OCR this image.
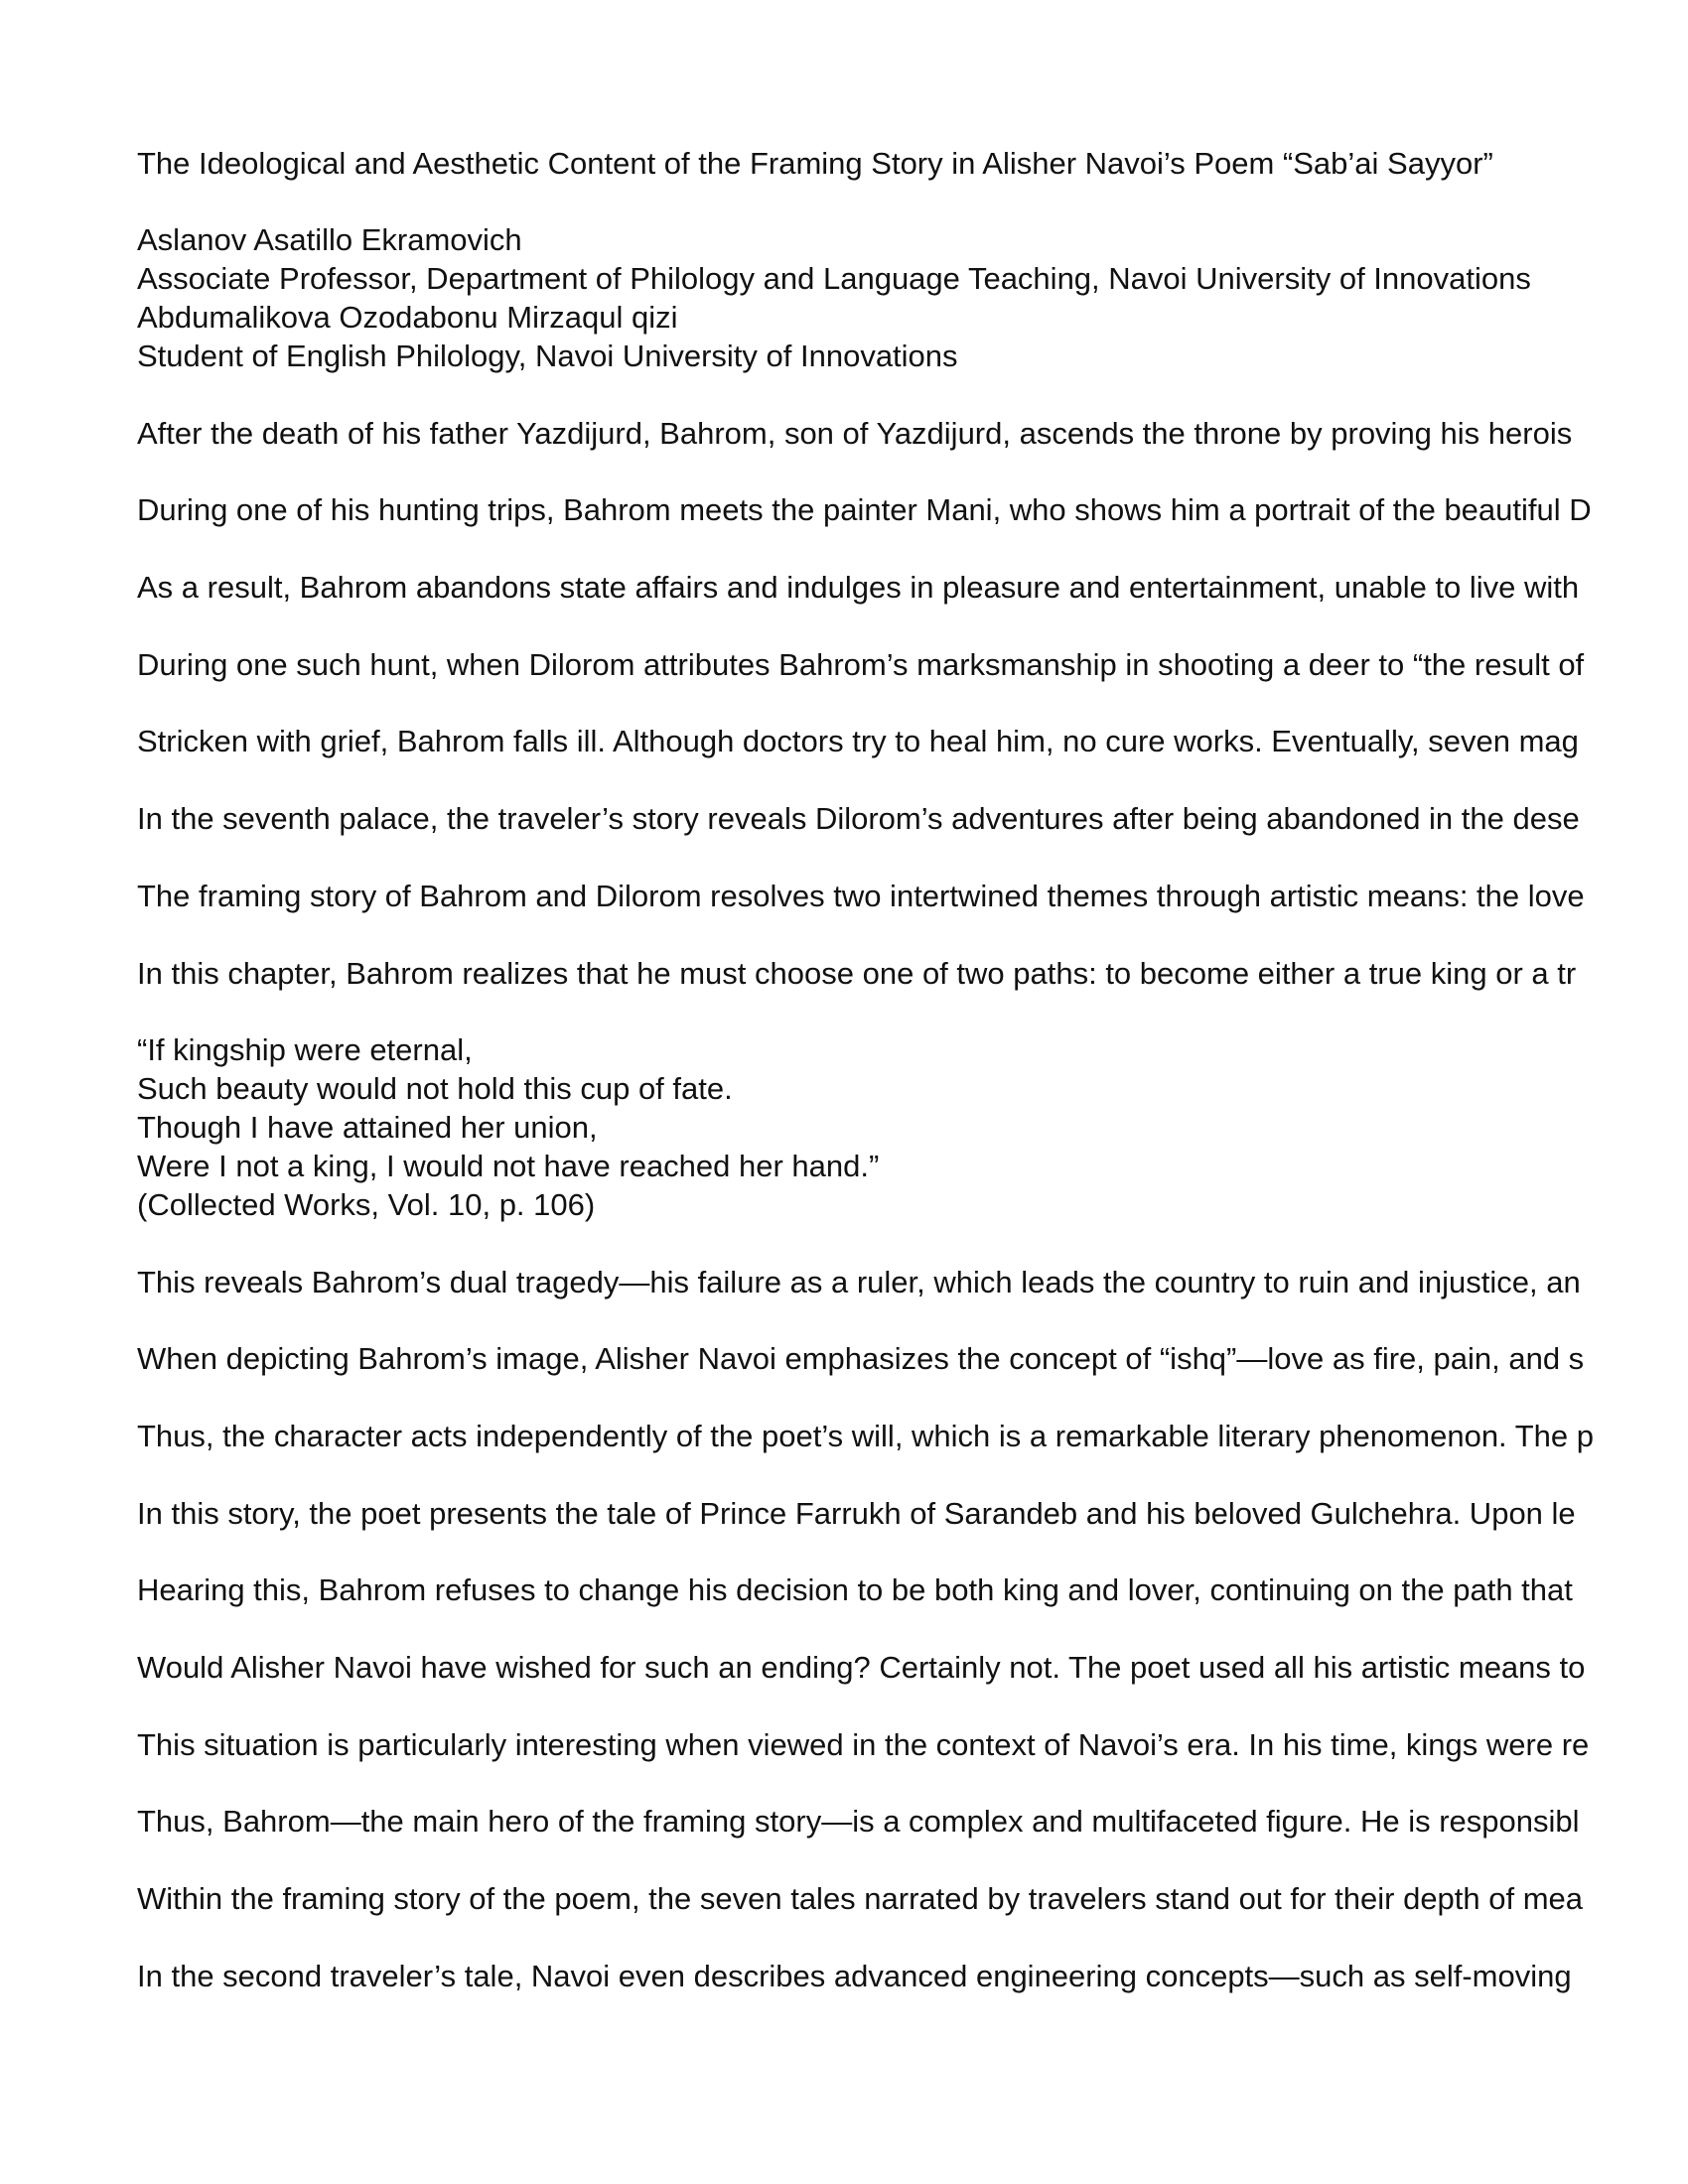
The Ideological and Aesthetic Content of the Framing Story in Alisher Navoi’s Poem “Sab’ai Sayyor”

Aslanov Asatillo Ekramovich

Associate Professor, Department of Philology and Language Teaching, Navoi University of Innovations

Abdumalikova Ozodabonu Mirzaqul qizi

Student of English Philology, Navoi University of Innovations

After the death of his father Yazdijurd, Bahrom, son of Yazdijurd, ascends the throne by proving his herois

During one of his hunting trips, Bahrom meets the painter Mani, who shows him a portrait of the beautiful D

As a result, Bahrom abandons state affairs and indulges in pleasure and entertainment, unable to live with

During one such hunt, when Dilorom attributes Bahrom’s marksmanship in shooting a deer to “the result of

Stricken with grief, Bahrom falls ill. Although doctors try to heal him, no cure works. Eventually, seven mag

In the seventh palace, the traveler’s story reveals Dilorom’s adventures after being abandoned in the dese

The framing story of Bahrom and Dilorom resolves two intertwined themes through artistic means: the love

In this chapter, Bahrom realizes that he must choose one of two paths: to become either a true king or a tr

“If kingship were eternal,

Such beauty would not hold this cup of fate.

Though I have attained her union,

Were I not a king, I would not have reached her hand.”

(Collected Works, Vol. 10, p. 106)

This reveals Bahrom’s dual tragedy—his failure as a ruler, which leads the country to ruin and injustice, an

When depicting Bahrom’s image, Alisher Navoi emphasizes the concept of “ishq”—love as fire, pain, and s

Thus, the character acts independently of the poet’s will, which is a remarkable literary phenomenon. The p

In this story, the poet presents the tale of Prince Farrukh of Sarandeb and his beloved Gulchehra. Upon le

Hearing this, Bahrom refuses to change his decision to be both king and lover, continuing on the path that

Would Alisher Navoi have wished for such an ending? Certainly not. The poet used all his artistic means to

This situation is particularly interesting when viewed in the context of Navoi’s era. In his time, kings were re

Thus, Bahrom—the main hero of the framing story—is a complex and multifaceted figure. He is responsibl

Within the framing story of the poem, the seven tales narrated by travelers stand out for their depth of mea

In the second traveler’s tale, Navoi even describes advanced engineering concepts—such as self-moving
